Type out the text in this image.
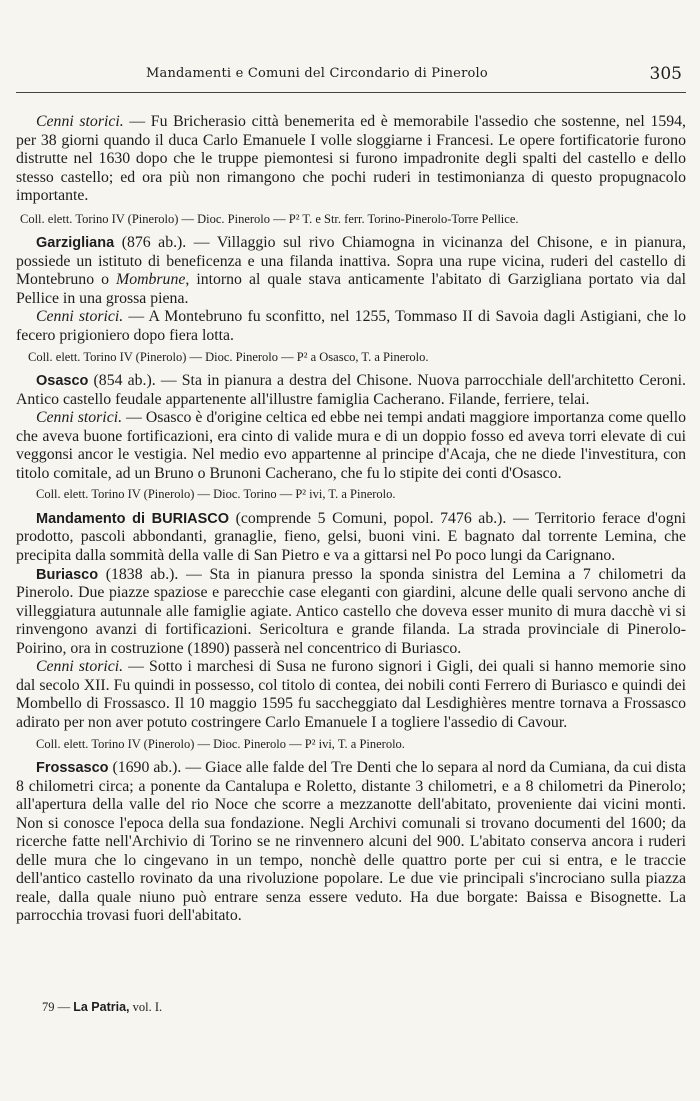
Mandamenti e Comuni del Circondario di Pinerolo	305

Cenni storici. — Fu Bricherasio città benemerita ed è memorabile l'assedio che sostenne, nel 1594, per 38 giorni quando il duca Carlo Emanuele I volle sloggiarne i Francesi. Le opere fortificatorie furono distrutte nel 1630 dopo che le truppe piemontesi si furono impadronite degli spalti del castello e dello stesso castello; ed ora più non rimangono che pochi ruderi in testimonianza di questo propugnacolo importante.

Coll. elett. Torino IV (Pinerolo) — Dioc. Pinerolo — P² T. e Str. ferr. Torino-Pinerolo-Torre Pellice.

Garzigliana (876 ab.). — Villaggio sul rivo Chiamogna in vicinanza del Chisone, e in pianura, possiede un istituto di beneficenza e una filanda inattiva. Sopra una rupe vicina, ruderi del castello di Montebruno o Mombrune, intorno al quale stava anticamente l'abitato di Garzigliana portato via dal Pellice in una grossa piena.

Cenni storici. — A Montebruno fu sconfitto, nel 1255, Tommaso II di Savoia dagli Astigiani, che lo fecero prigioniero dopo fiera lotta.

Coll. elett. Torino IV (Pinerolo) — Dioc. Pinerolo — P² a Osasco, T. a Pinerolo.

Osasco (854 ab.). — Sta in pianura a destra del Chisone. Nuova parrocchiale dell'architetto Ceroni. Antico castello feudale appartenente all'illustre famiglia Cacherano. Filande, ferriere, telai.

Cenni storici. — Osasco è d'origine celtica ed ebbe nei tempi andati maggiore importanza come quello che aveva buone fortificazioni, era cinto di valide mura e di un doppio fosso ed aveva torri elevate di cui veggonsi ancor le vestigia. Nel medio evo appartenne al principe d'Acaja, che ne diede l'investitura, con titolo comitale, ad un Bruno o Brunoni Cacherano, che fu lo stipite dei conti d'Osasco.

Coll. elett. Torino IV (Pinerolo) — Dioc. Torino — P² ivi, T. a Pinerolo.

Mandamento di BURIASCO (comprende 5 Comuni, popol. 7476 ab.). — Territorio ferace d'ogni prodotto, pascoli abbondanti, granaglie, fieno, gelsi, buoni vini. E bagnato dal torrente Lemina, che precipita dalla sommità della valle di San Pietro e va a gittarsi nel Po poco lungi da Carignano.

Buriasco (1838 ab.). — Sta in pianura presso la sponda sinistra del Lemina a 7 chilometri da Pinerolo. Due piazze spaziose e parecchie case eleganti con giardini, alcune delle quali servono anche di villeggiatura autunnale alle famiglie agiate. Antico castello che doveva esser munito di mura dacchè vi si rinvengono avanzi di fortificazioni. Sericoltura e grande filanda. La strada provinciale di Pinerolo-Poirino, ora in costruzione (1890) passerà nel concentrico di Buriasco.

Cenni storici. — Sotto i marchesi di Susa ne furono signori i Gigli, dei quali si hanno memorie sino dal secolo XII. Fu quindi in possesso, col titolo di contea, dei nobili conti Ferrero di Buriasco e quindi dei Mombello di Frossasco. Il 10 maggio 1595 fu saccheggiato dal Lesdighières mentre tornava a Frossasco adirato per non aver potuto costringere Carlo Emanuele I a togliere l'assedio di Cavour.

Coll. elett. Torino IV (Pinerolo) — Dioc. Pinerolo — P² ivi, T. a Pinerolo.

Frossasco (1690 ab.). — Giace alle falde del Tre Denti che lo separa al nord da Cumiana, da cui dista 8 chilometri circa; a ponente da Cantalupa e Roletto, distante 3 chilometri, e a 8 chilometri da Pinerolo; all'apertura della valle del rio Noce che scorre a mezzanotte dell'abitato, proveniente dai vicini monti. Non si conosce l'epoca della sua fondazione. Negli Archivi comunali si trovano documenti del 1600; da ricerche fatte nell'Archivio di Torino se ne rinvennero alcuni del 900. L'abitato conserva ancora i ruderi delle mura che lo cingevano in un tempo, nonchè delle quattro porte per cui si entra, e le traccie dell'antico castello rovinato da una rivoluzione popolare. Le due vie principali s'incrociano sulla piazza reale, dalla quale niuno può entrare senza essere veduto. Ha due borgate: Baissa e Bisognette. La parrocchia trovasi fuori dell'abitato.

79 — La Patria, vol. I.
